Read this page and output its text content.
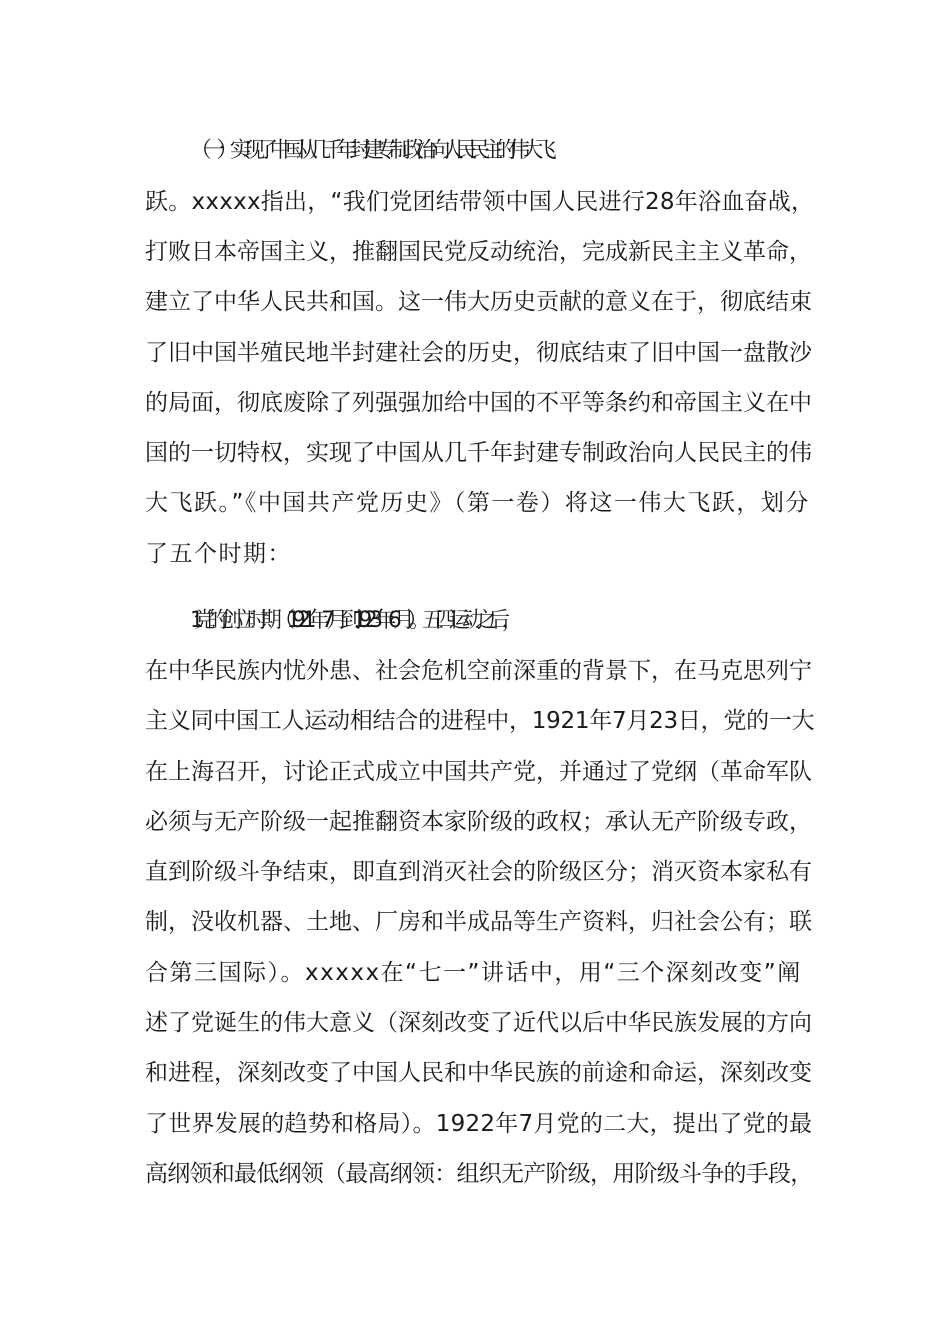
（一）实现了中国从几千年封建专制政治向人民民主的伟大飞
跃。xxxxx指出，“我们党团结带领中国人民进行28年浴血奋战，
打败日本帝国主义，推翻国民党反动统治，完成新民主主义革命，
建立了中华人民共和国。这一伟大历史贡献的意义在于，彻底结束
了旧中国半殖民地半封建社会的历史，彻底结束了旧中国一盘散沙
的局面，彻底废除了列强强加给中国的不平等条约和帝国主义在中
国的一切特权，实现了中国从几千年封建专制政治向人民民主的伟
大飞跃。”《中国共产党历史》（第一卷）将这一伟大飞跃，划分
了五个时期：
1.党的创立时期（1921年7月到1923年6月）。五四运动之后，
在中华民族内忧外患、社会危机空前深重的背景下，在马克思列宁
主义同中国工人运动相结合的进程中，1921年7月23日，党的一大
在上海召开，讨论正式成立中国共产党，并通过了党纲（革命军队
必须与无产阶级一起推翻资本家阶级的政权；承认无产阶级专政，
直到阶级斗争结束，即直到消灭社会的阶级区分；消灭资本家私有
制，没收机器、土地、厂房和半成品等生产资料，归社会公有；联
合第三国际）。xxxxx在“七一”讲话中，用“三个深刻改变”阐
述了党诞生的伟大意义（深刻改变了近代以后中华民族发展的方向
和进程，深刻改变了中国人民和中华民族的前途和命运，深刻改变
了世界发展的趋势和格局）。1922年7月党的二大，提出了党的最
高纲领和最低纲领（最高纲领：组织无产阶级，用阶级斗争的手段，
